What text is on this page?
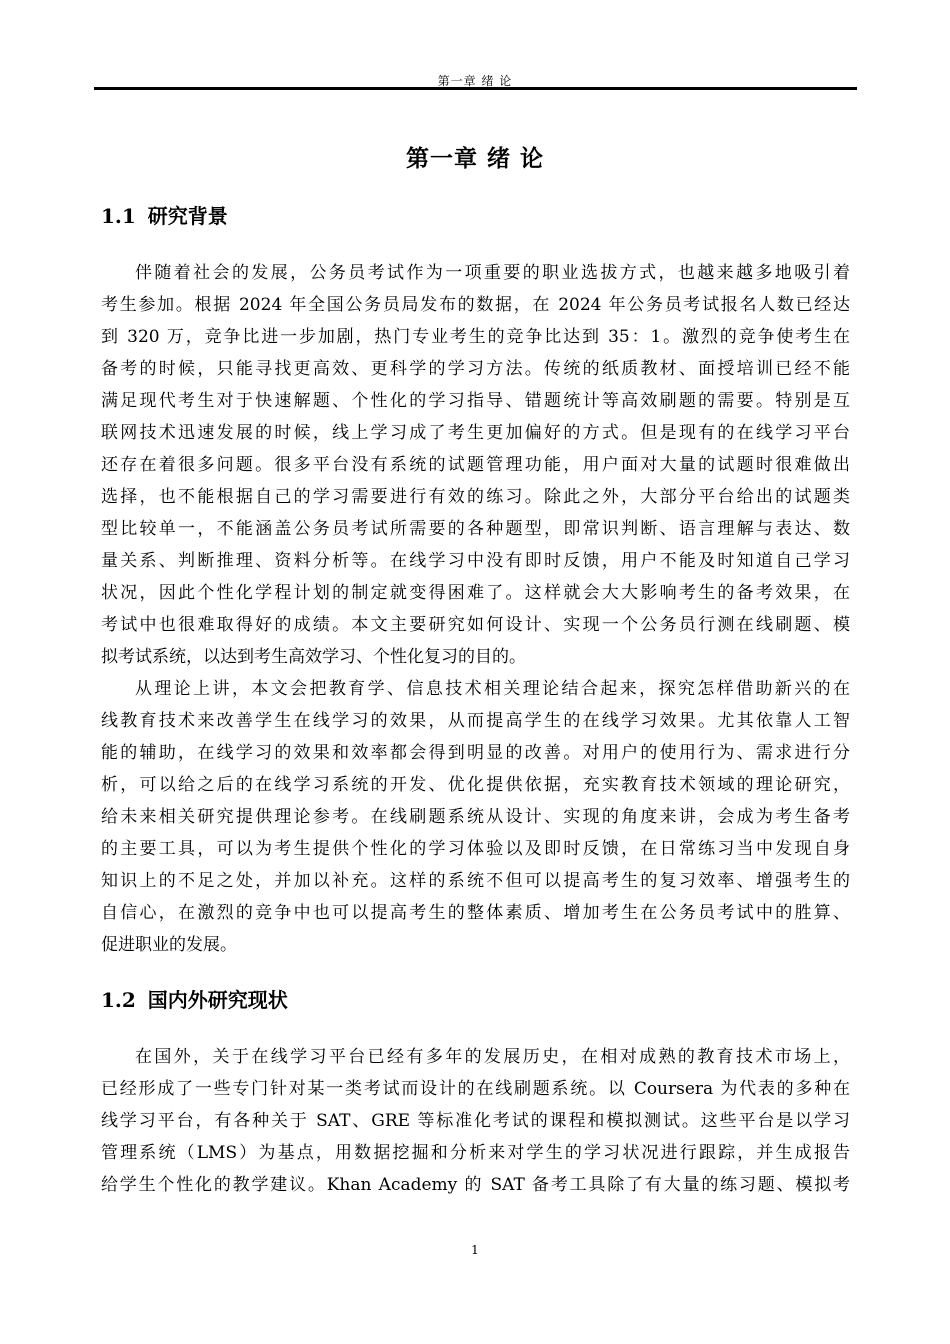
第一章 绪 论
第一章 绪 论
1.1 研究背景
伴随着社会的发展，公务员考试作为一项重要的职业选拔方式，也越来越多地吸引着
考生参加。根据 2024 年全国公务员局发布的数据，在 2024 年公务员考试报名人数已经达
到 320 万，竞争比进一步加剧，热门专业考生的竞争比达到 35：1。激烈的竞争使考生在
备考的时候，只能寻找更高效、更科学的学习方法。传统的纸质教材、面授培训已经不能
满足现代考生对于快速解题、个性化的学习指导、错题统计等高效刷题的需要。特别是互
联网技术迅速发展的时候，线上学习成了考生更加偏好的方式。但是现有的在线学习平台
还存在着很多问题。很多平台没有系统的试题管理功能，用户面对大量的试题时很难做出
选择，也不能根据自己的学习需要进行有效的练习。除此之外，大部分平台给出的试题类
型比较单一，不能涵盖公务员考试所需要的各种题型，即常识判断、语言理解与表达、数
量关系、判断推理、资料分析等。在线学习中没有即时反馈，用户不能及时知道自己学习
状况，因此个性化学程计划的制定就变得困难了。这样就会大大影响考生的备考效果，在
考试中也很难取得好的成绩。本文主要研究如何设计、实现一个公务员行测在线刷题、模
拟考试系统，以达到考生高效学习、个性化复习的目的。
从理论上讲，本文会把教育学、信息技术相关理论结合起来，探究怎样借助新兴的在
线教育技术来改善学生在线学习的效果，从而提高学生的在线学习效果。尤其依靠人工智
能的辅助，在线学习的效果和效率都会得到明显的改善。对用户的使用行为、需求进行分
析，可以给之后的在线学习系统的开发、优化提供依据，充实教育技术领域的理论研究，
给未来相关研究提供理论参考。在线刷题系统从设计、实现的角度来讲，会成为考生备考
的主要工具，可以为考生提供个性化的学习体验以及即时反馈，在日常练习当中发现自身
知识上的不足之处，并加以补充。这样的系统不但可以提高考生的复习效率、增强考生的
自信心，在激烈的竞争中也可以提高考生的整体素质、增加考生在公务员考试中的胜算、
促进职业的发展。
1.2 国内外研究现状
在国外，关于在线学习平台已经有多年的发展历史，在相对成熟的教育技术市场上，
已经形成了一些专门针对某一类考试而设计的在线刷题系统。以 Coursera 为代表的多种在
线学习平台，有各种关于 SAT、GRE 等标准化考试的课程和模拟测试。这些平台是以学习
管理系统（LMS）为基点，用数据挖掘和分析来对学生的学习状况进行跟踪，并生成报告
给学生个性化的教学建议。Khan Academy 的 SAT 备考工具除了有大量的练习题、模拟考
1
